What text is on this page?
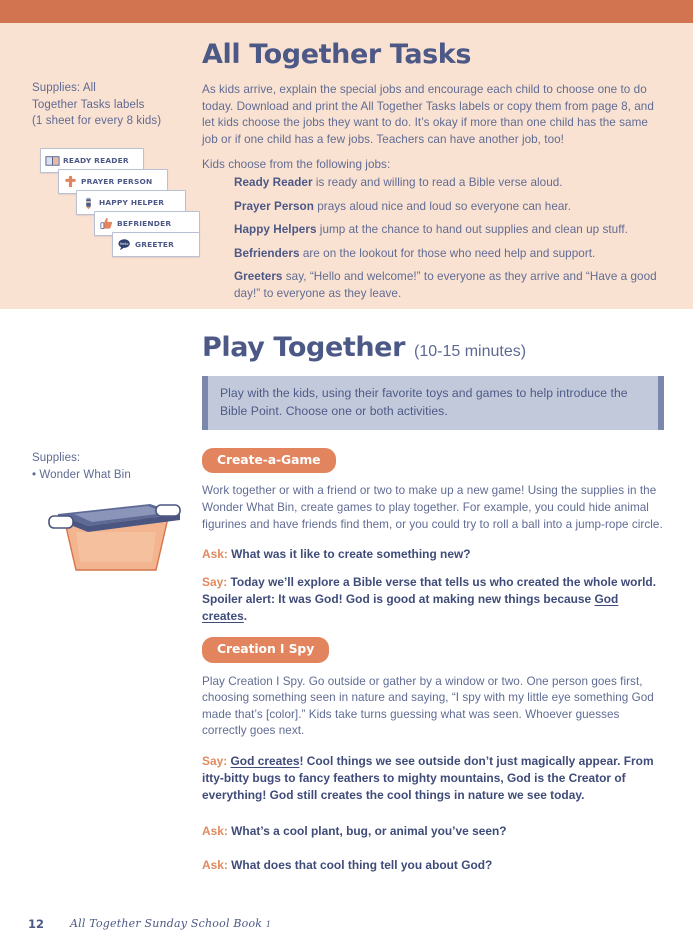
Supplies: All
Together Tasks labels
(1 sheet for every 8 kids)
READY READER
PRAYER PERSON
HAPPY HELPER
BEFRIENDER
Hello GREETER
All Together Tasks

As kids arrive, explain the special jobs and encourage each child to choose one to do today. Download and print the All Together Tasks labels or copy them from page 8, and let kids choose the jobs they want to do. It’s okay if more than one child has the same job or if one child has a few jobs. Teachers can have another job, too!

Kids choose from the following jobs:

Ready Reader is ready and willing to read a Bible verse aloud.

Prayer Person prays aloud nice and loud so everyone can hear.

Happy Helpers jump at the chance to hand out supplies and clean up stuff.

Befrienders are on the lookout for those who need help and support.

Greeters say, “Hello and welcome!” to everyone as they arrive and “Have a good day!” to everyone as they leave.

Supplies:
• Wonder What Bin
Play Together (10-15 minutes)

Play with the kids, using their favorite toys and games to help introduce the Bible Point. Choose one or both activities.

Create-a-Game

Work together or with a friend or two to make up a new game! Using the supplies in the Wonder What Bin, create games to play together. For example, you could hide animal figurines and have friends find them, or you could try to roll a ball into a jump-rope circle.

Ask: What was it like to create something new?

Say: Today we’ll explore a Bible verse that tells us who created the whole world. Spoiler alert: It was God! God is good at making new things because God creates.

Creation I Spy

Play Creation I Spy. Go outside or gather by a window or two. One person goes first, choosing something seen in nature and saying, “I spy with my little eye something God made that’s [color].” Kids take turns guessing what was seen. Whoever guesses correctly goes next.

Say: God creates! Cool things we see outside don’t just magically appear. From itty-bitty bugs to fancy feathers to mighty mountains, God is the Creator of everything! God still creates the cool things in nature we see today.

Ask: What’s a cool plant, bug, or animal you’ve seen?

Ask: What does that cool thing tell you about God?

12 All Together Sunday School Book 1
